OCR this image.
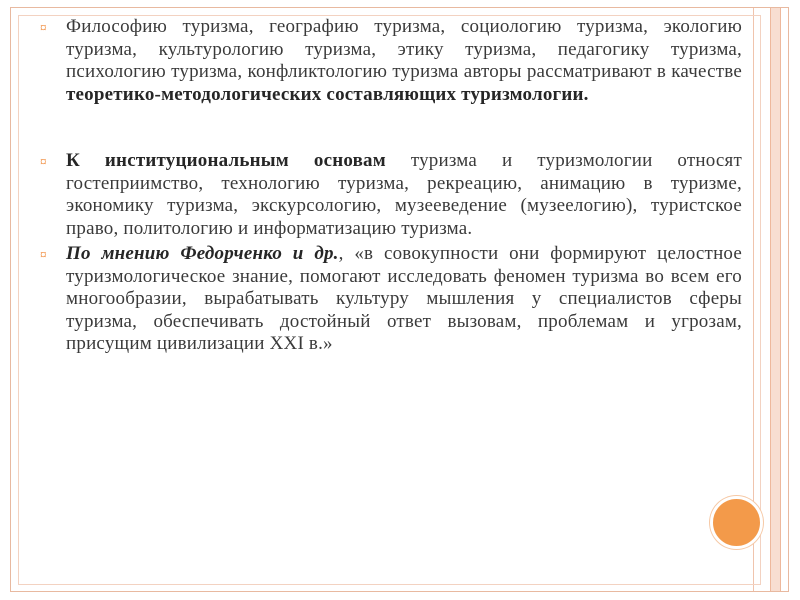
¤ Философию туризма, географию туризма, социологию туризма, экологию туризма, культурологию туризма, этику туризма, педагогику туризма, психологию туризма, конфликтологию туризма авторы рассматривают в качестве теоретико-методологических составляющих туризмологии.
¤ К институциональным основам туризма и туризмологии относят гостеприимство, технологию туризма, рекреацию, анимацию в туризме, экономику туризма, экскурсологию, музееведение (музеелогию), туристское право, политологию и информатизацию туризма.
¤ По мнению Федорченко и др., «в совокупности они формируют целостное туризмологическое знание, помогают исследовать феномен туризма во всем его многообразии, вырабатывать культуру мышления у специалистов сферы туризма, обеспечивать достойный ответ вызовам, проблемам и угрозам, присущим цивилизации XXI в.»
